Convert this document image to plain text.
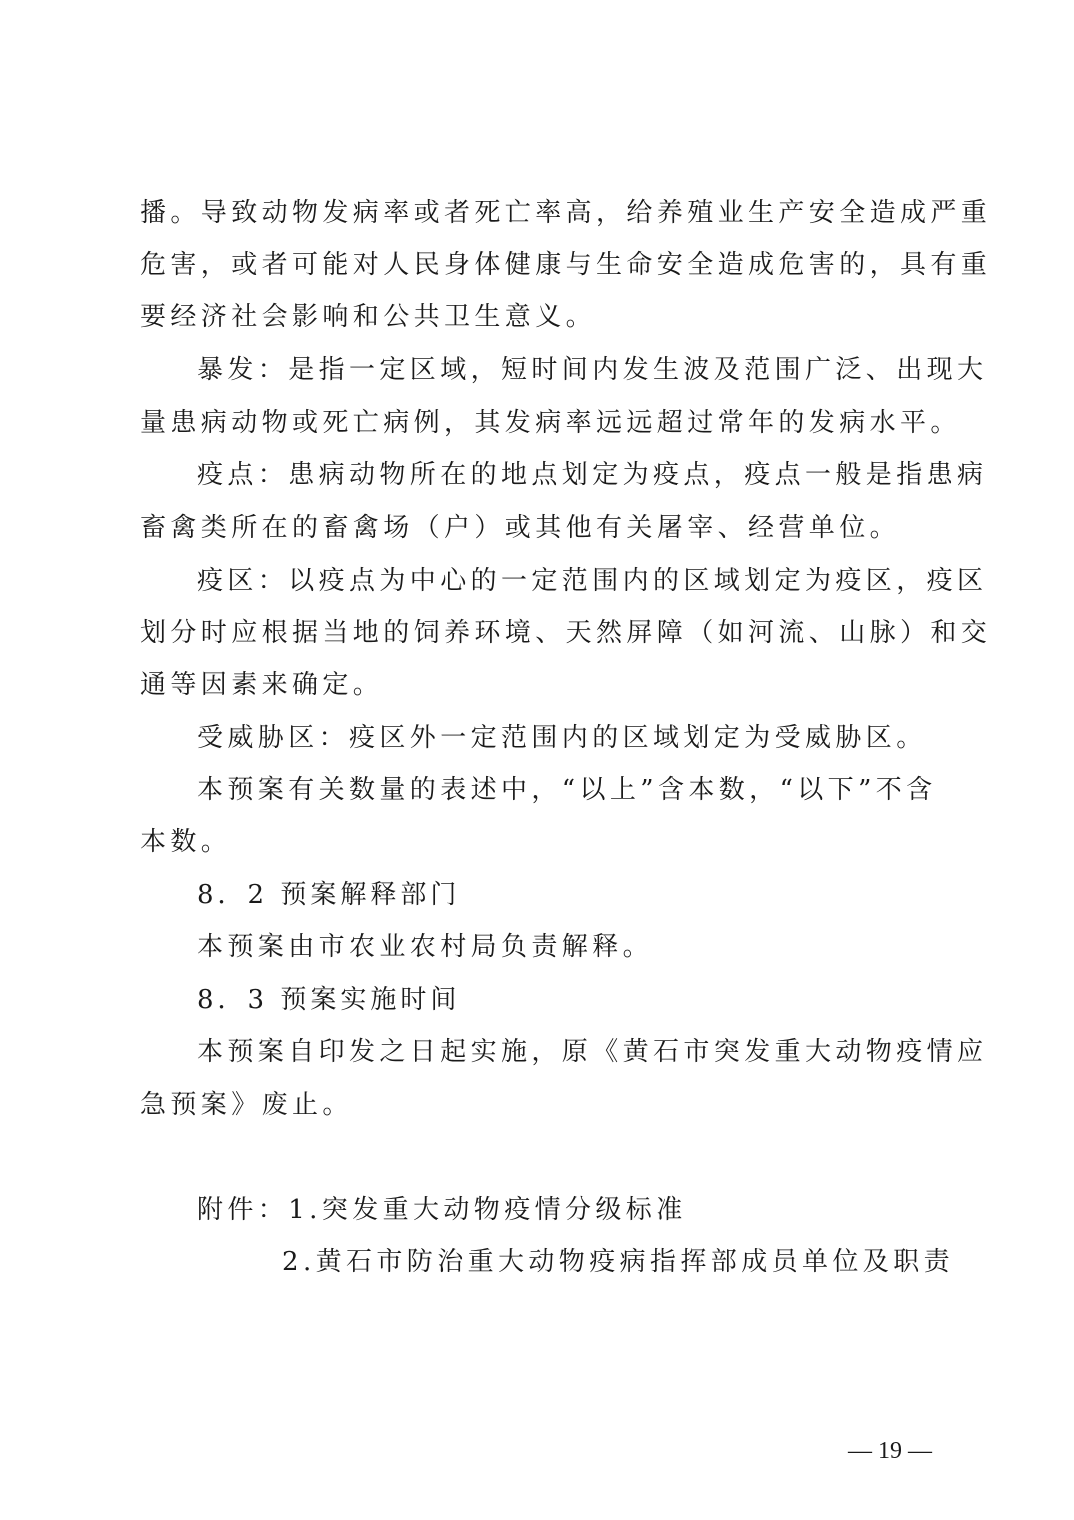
播。导致动物发病率或者死亡率高，给养殖业生产安全造成严重
危害，或者可能对人民身体健康与生命安全造成危害的，具有重
要经济社会影响和公共卫生意义。
暴发：是指一定区域，短时间内发生波及范围广泛、出现大
量患病动物或死亡病例，其发病率远远超过常年的发病水平。
疫点：患病动物所在的地点划定为疫点，疫点一般是指患病
畜禽类所在的畜禽场（户）或其他有关屠宰、经营单位。
疫区：以疫点为中心的一定范围内的区域划定为疫区，疫区
划分时应根据当地的饲养环境、天然屏障（如河流、山脉）和交
通等因素来确定。
受威胁区：疫区外一定范围内的区域划定为受威胁区。
本预案有关数量的表述中，“以上”含本数，“以下”不含
本数。
8．2 预案解释部门
本预案由市农业农村局负责解释。
8．3 预案实施时间
本预案自印发之日起实施，原《黄石市突发重大动物疫情应
急预案》废止。
附件：1.突发重大动物疫情分级标准
2.黄石市防治重大动物疫病指挥部成员单位及职责
— 19 —
